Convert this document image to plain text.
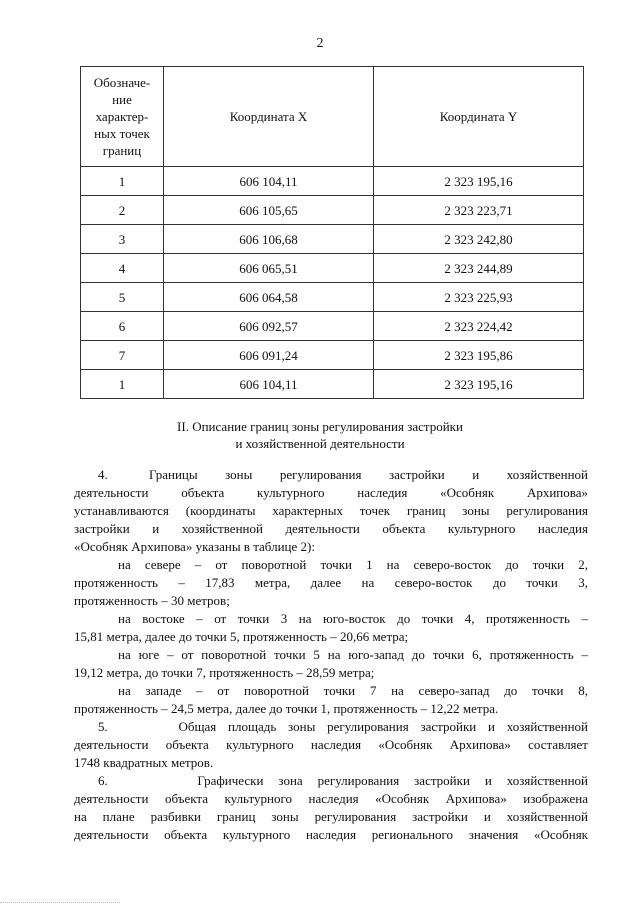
2
Обозначе-
ние
характер-
ных точек
границ	Координата X	Координата Y
1	606 104,11	2 323 195,16
2	606 105,65	2 323 223,71
3	606 106,68	2 323 242,80
4	606 065,51	2 323 244,89
5	606 064,58	2 323 225,93
6	606 092,57	2 323 224,42
7	606 091,24	2 323 195,86
1	606 104,11	2 323 195,16
II. Описание границ зоны регулирования застройки
и хозяйственной деятельности
4.      Границы    зоны    регулирования    застройки    и    хозяйственной
деятельности    объекта    культурного    наследия    «Особняк    Архипова»
устанавливаются (координаты характерных точек границ зоны регулирования
застройки и хозяйственной деятельности объекта культурного наследия
«Особняк Архипова» указаны в таблице 2):
на севере – от поворотной точки 1 на северо-восток до точки 2,
протяженность – 17,83 метра, далее на северо-восток до точки 3,
протяженность – 30 метров;
на востоке – от точки 3 на юго-восток до точки 4, протяженность –
15,81 метра, далее до точки 5, протяженность – 20,66 метра;
на юге – от поворотной точки 5 на юго-запад до точки 6, протяженность –
19,12 метра, до точки 7, протяженность – 28,59 метра;
на западе – от поворотной точки 7 на северо-запад до точки 8,
протяженность – 24,5 метра, далее до точки 1, протяженность – 12,22 метра.
5.      Общая площадь зоны регулирования застройки и хозяйственной
деятельности объекта культурного наследия «Особняк Архипова» составляет
1748 квадратных метров.
6.      Графически зона регулирования застройки и хозяйственной
деятельности объекта культурного наследия «Особняк Архипова» изображена
на плане разбивки границ зоны регулирования застройки и хозяйственной
деятельности объекта культурного наследия регионального значения «Особняк
